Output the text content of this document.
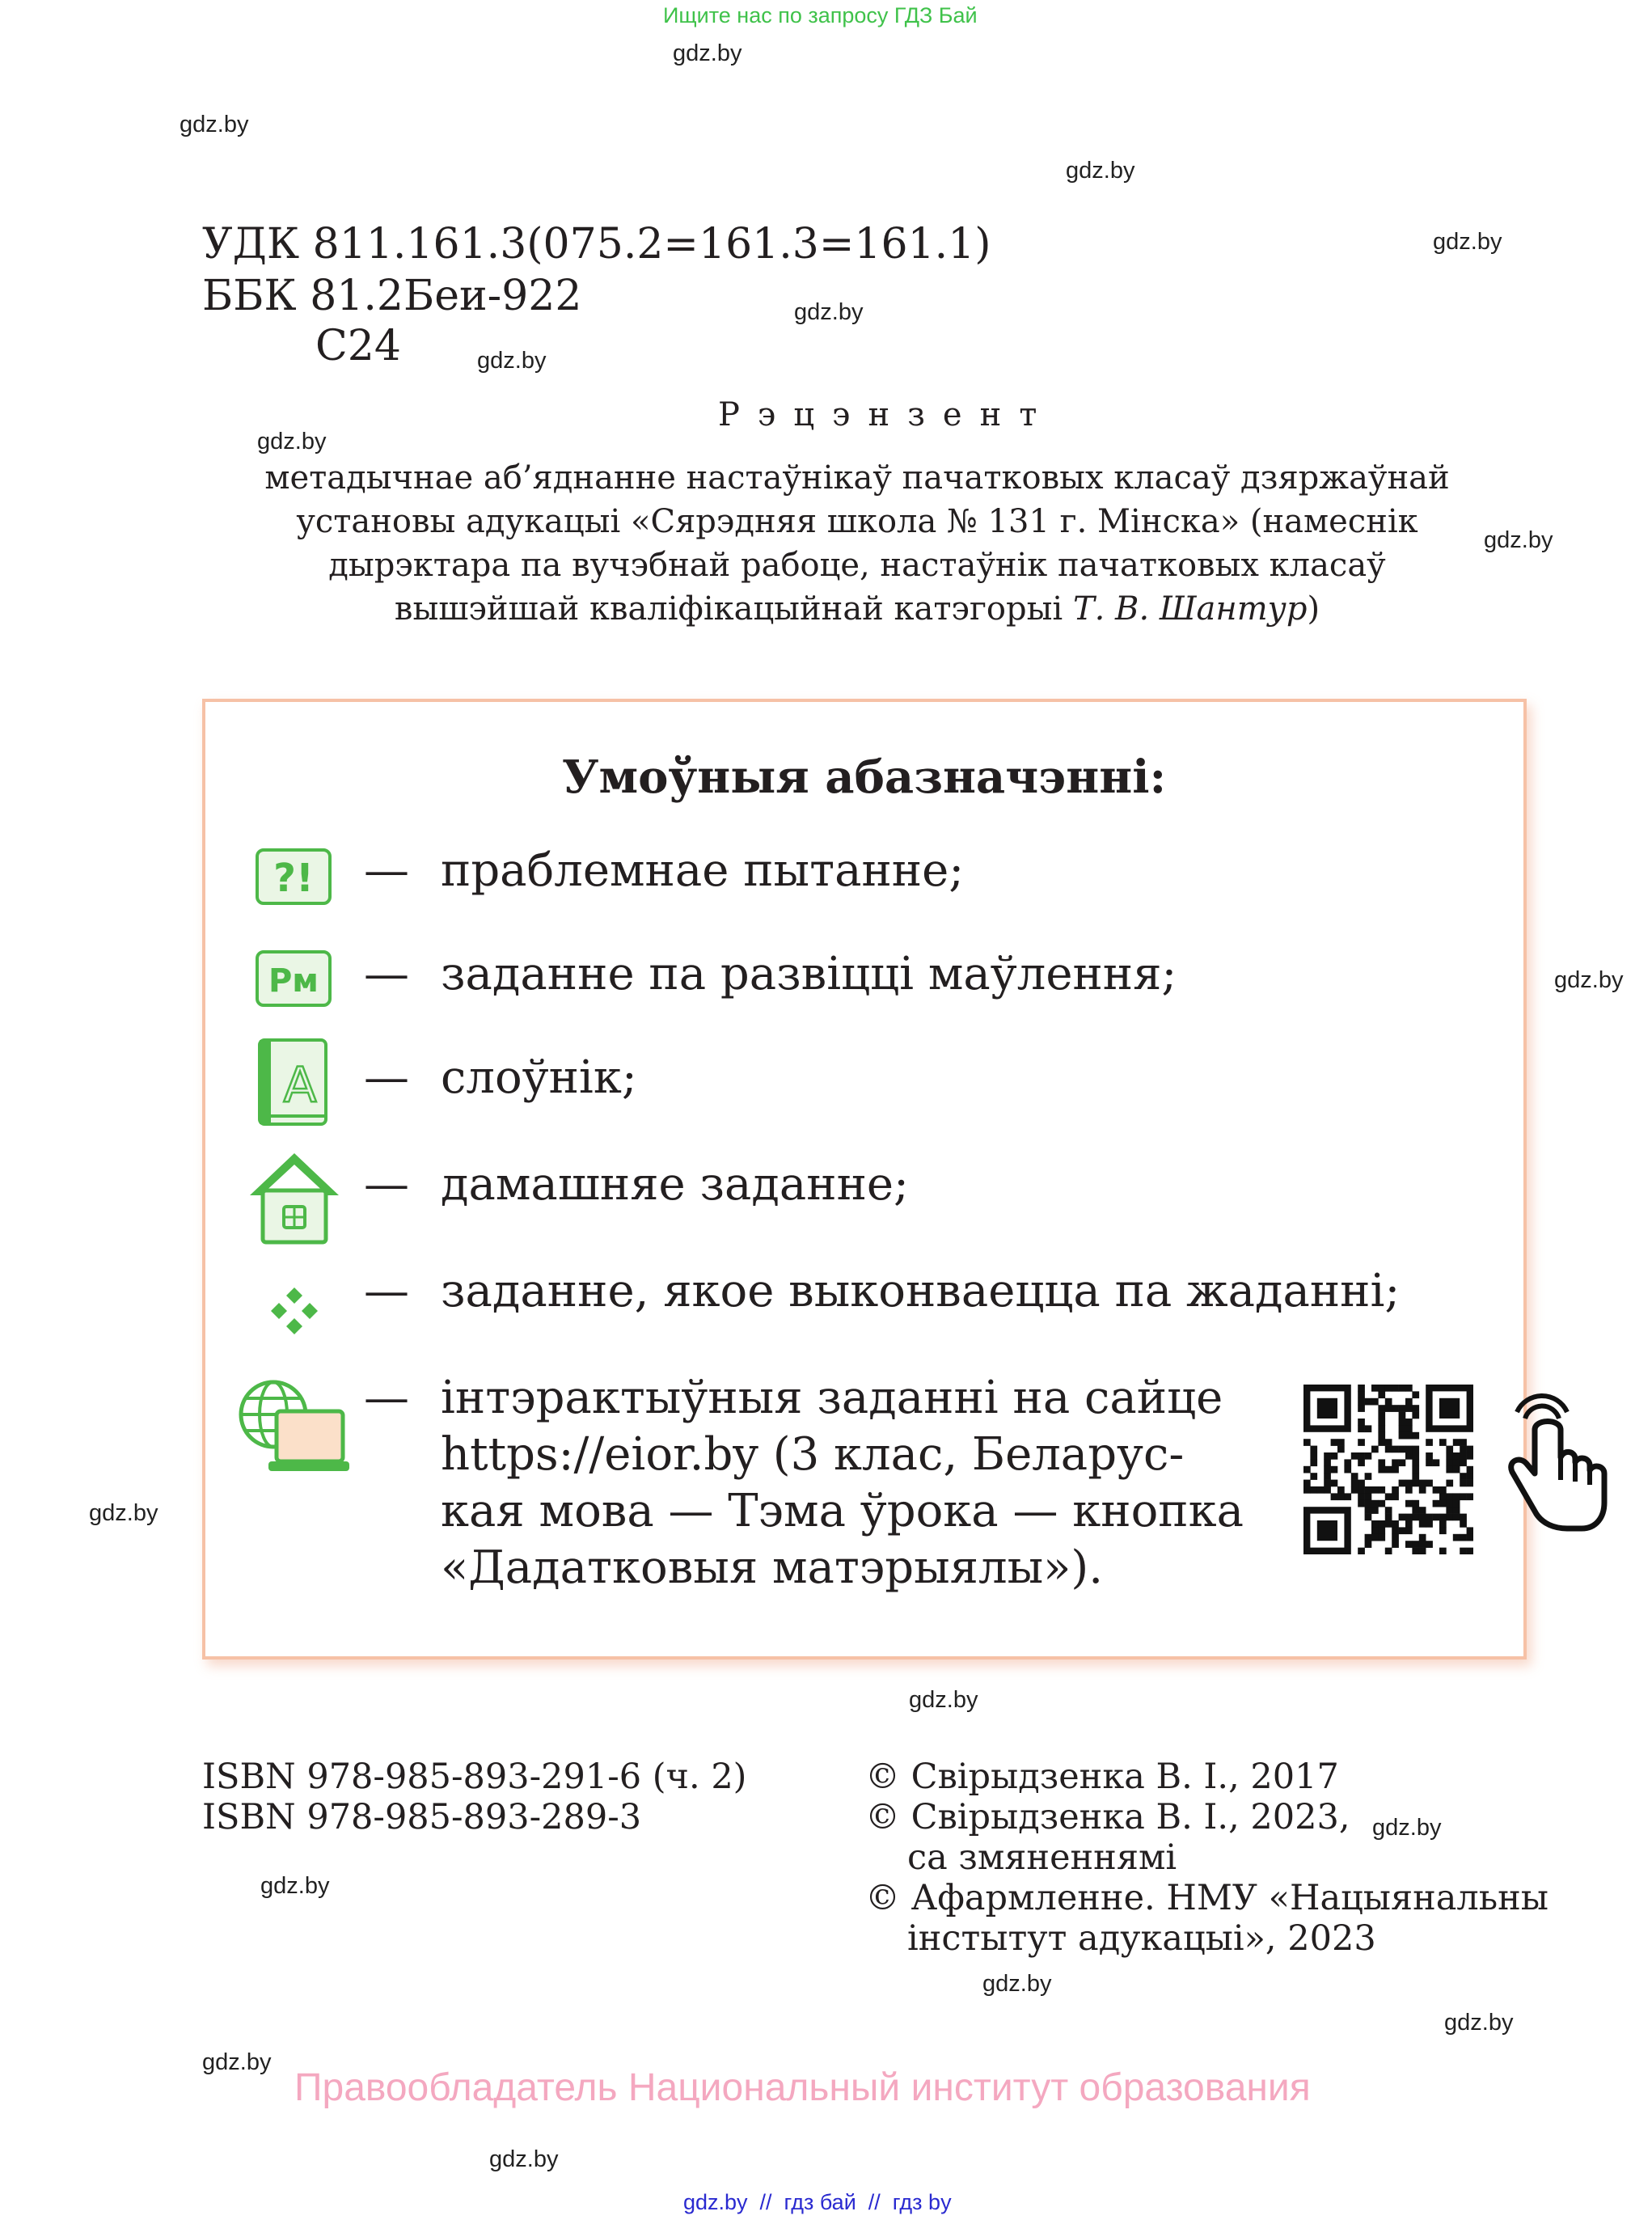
Ищите нас по запросу ГДЗ Бай
gdz.by
gdz.by
gdz.by
gdz.by
gdz.by
gdz.by
gdz.by
gdz.by
gdz.by
gdz.by
gdz.by
gdz.by
gdz.by
gdz.by
gdz.by
gdz.by
gdz.by
УДК 811.161.3(075.2=161.3=161.1)
ББК 81.2Беи-922
С24
Рэцэнзент
метадычнае аб’яднанне настаўнікаў пачатковых класаў дзяржаўнай
установы адукацыі «Сярэдняя школа № 131 г. Мінска» (намеснік
дырэктара па вучэбнай рабоце, настаўнік пачатковых класаў
вышэйшай кваліфікацыйнай катэгорыі Т. В. Шантур)
Умоўныя абазначэнні:
?! — праблемнае пытанне;
Рм — заданне па развіцці маўлення;
А — слоўнік;
— дамашняе заданне;
— заданне, якое выконваецца па жаданні;
— інтэрактыўныя заданні на сайце
https://eior.by (3 клас, Беларус-
кая мова — Тэма ўрока — кнопка
«Дадатковыя матэрыялы»).
ISBN 978-985-893-291-6 (ч. 2)
ISBN 978-985-893-289-3
© Свірыдзенка В. І., 2017
© Свірыдзенка В. І., 2023,
са змяненнямі
© Афармленне. НМУ «Нацыянальны
інстытут адукацыі», 2023
Правообладатель Национальный институт образования
gdz.by  //  гдз бай  //  гдз by
